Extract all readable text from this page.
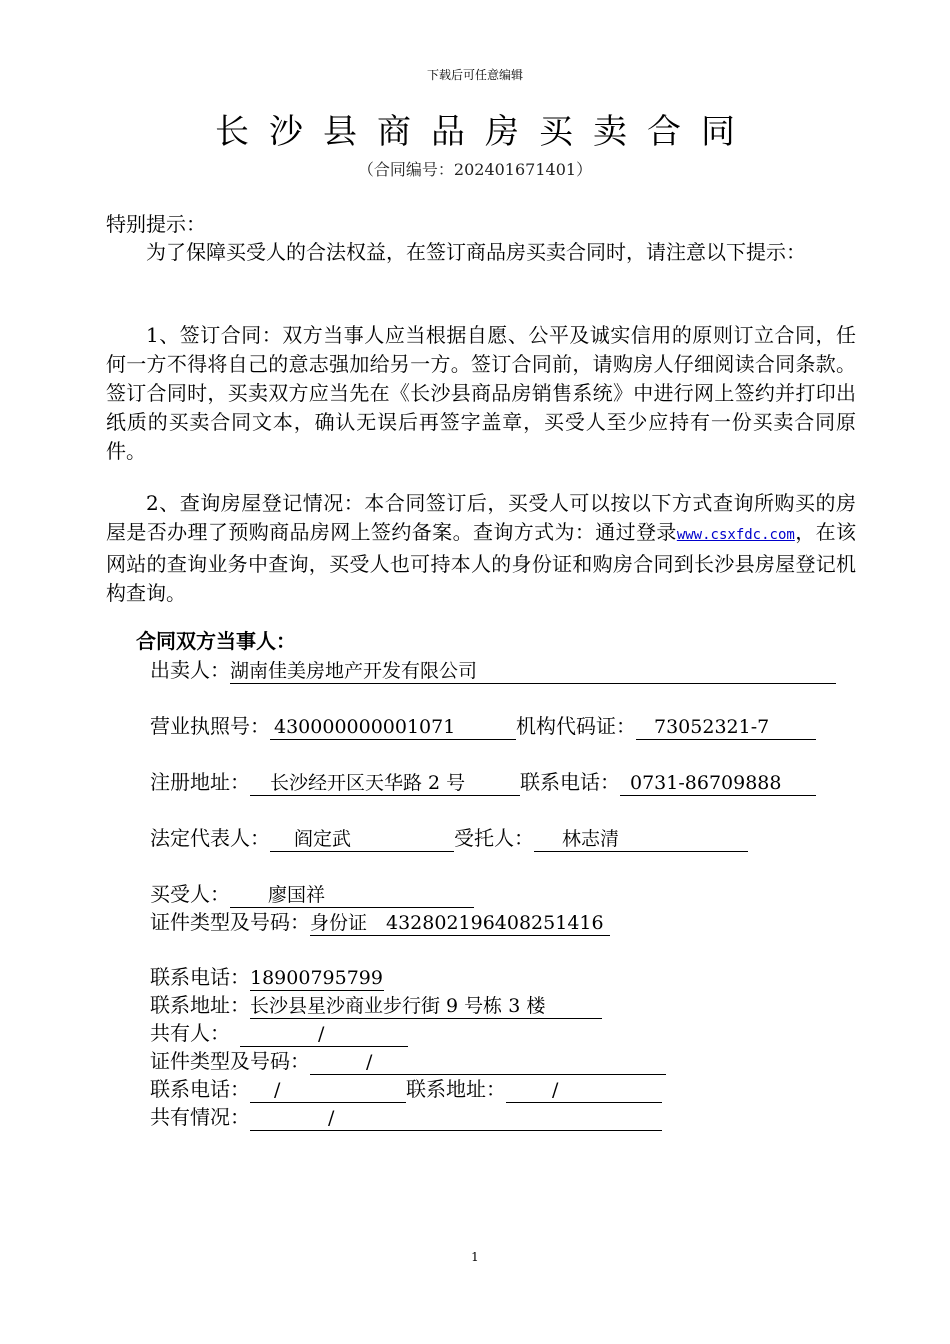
下载后可任意编辑
长沙县商品房买卖合同
（合同编号：202401671401）
特别提示：
为了保障买受人的合法权益，在签订商品房买卖合同时，请注意以下提示：
1、签订合同：双方当事人应当根据自愿、公平及诚实信用的原则订立合同，任何一方不得将自己的意志强加给另一方。签订合同前，请购房人仔细阅读合同条款。签订合同时，买卖双方应当先在《长沙县商品房销售系统》中进行网上签约并打印出纸质的买卖合同文本，确认无误后再签字盖章，买受人至少应持有一份买卖合同原件。
2、查询房屋登记情况：本合同签订后，买受人可以按以下方式查询所购买的房屋是否办理了预购商品房网上签约备案。查询方式为：通过登录www.csxfdc.com，在该网站的查询业务中查询，买受人也可持本人的身份证和购房合同到长沙县房屋登记机构查询。
合同双方当事人：
出卖人：湖南佳美房地产开发有限公司
营业执照号： 430000000001071	机构代码证： 73052321-7
注册地址： 长沙经开区天华路 2 号	联系电话： 0731-86709888
法定代表人： 阎定武	受托人： 林志清
买受人： 廖国祥
证件类型及号码：身份证　432802196408251416
联系电话：18900795799
联系地址：长沙县星沙商业步行街 9 号栋 3 楼
共有人：	/
证件类型及号码：	/
联系电话： /	联系地址： /
共有情况：	/
1
